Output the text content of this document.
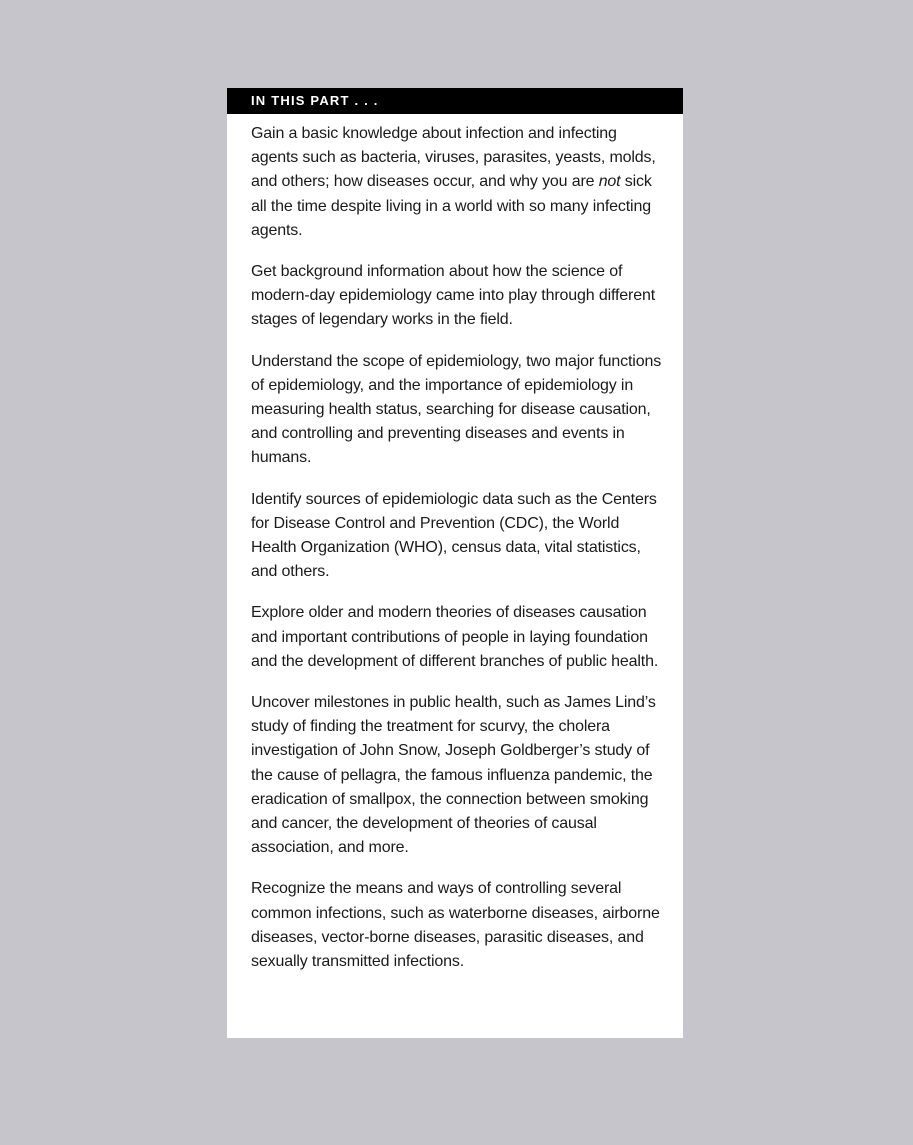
IN THIS PART . . .

Gain a basic knowledge about infection and infecting agents such as bacteria, viruses, parasites, yeasts, molds, and others; how diseases occur, and why you are not sick all the time despite living in a world with so many infecting agents.

Get background information about how the science of modern-day epidemiology came into play through different stages of legendary works in the field.

Understand the scope of epidemiology, two major functions of epidemiology, and the importance of epidemiology in measuring health status, searching for disease causation, and controlling and preventing diseases and events in humans.

Identify sources of epidemiologic data such as the Centers for Disease Control and Prevention (CDC), the World Health Organization (WHO), census data, vital statistics, and others.

Explore older and modern theories of diseases causation and important contributions of people in laying foundation and the development of different branches of public health.

Uncover milestones in public health, such as James Lind’s study of finding the treatment for scurvy, the cholera investigation of John Snow, Joseph Goldberger’s study of the cause of pellagra, the famous influenza pandemic, the eradication of smallpox, the connection between smoking and cancer, the development of theories of causal association, and more.

Recognize the means and ways of controlling several common infections, such as waterborne diseases, airborne diseases, vector-borne diseases, parasitic diseases, and sexually transmitted infections.
